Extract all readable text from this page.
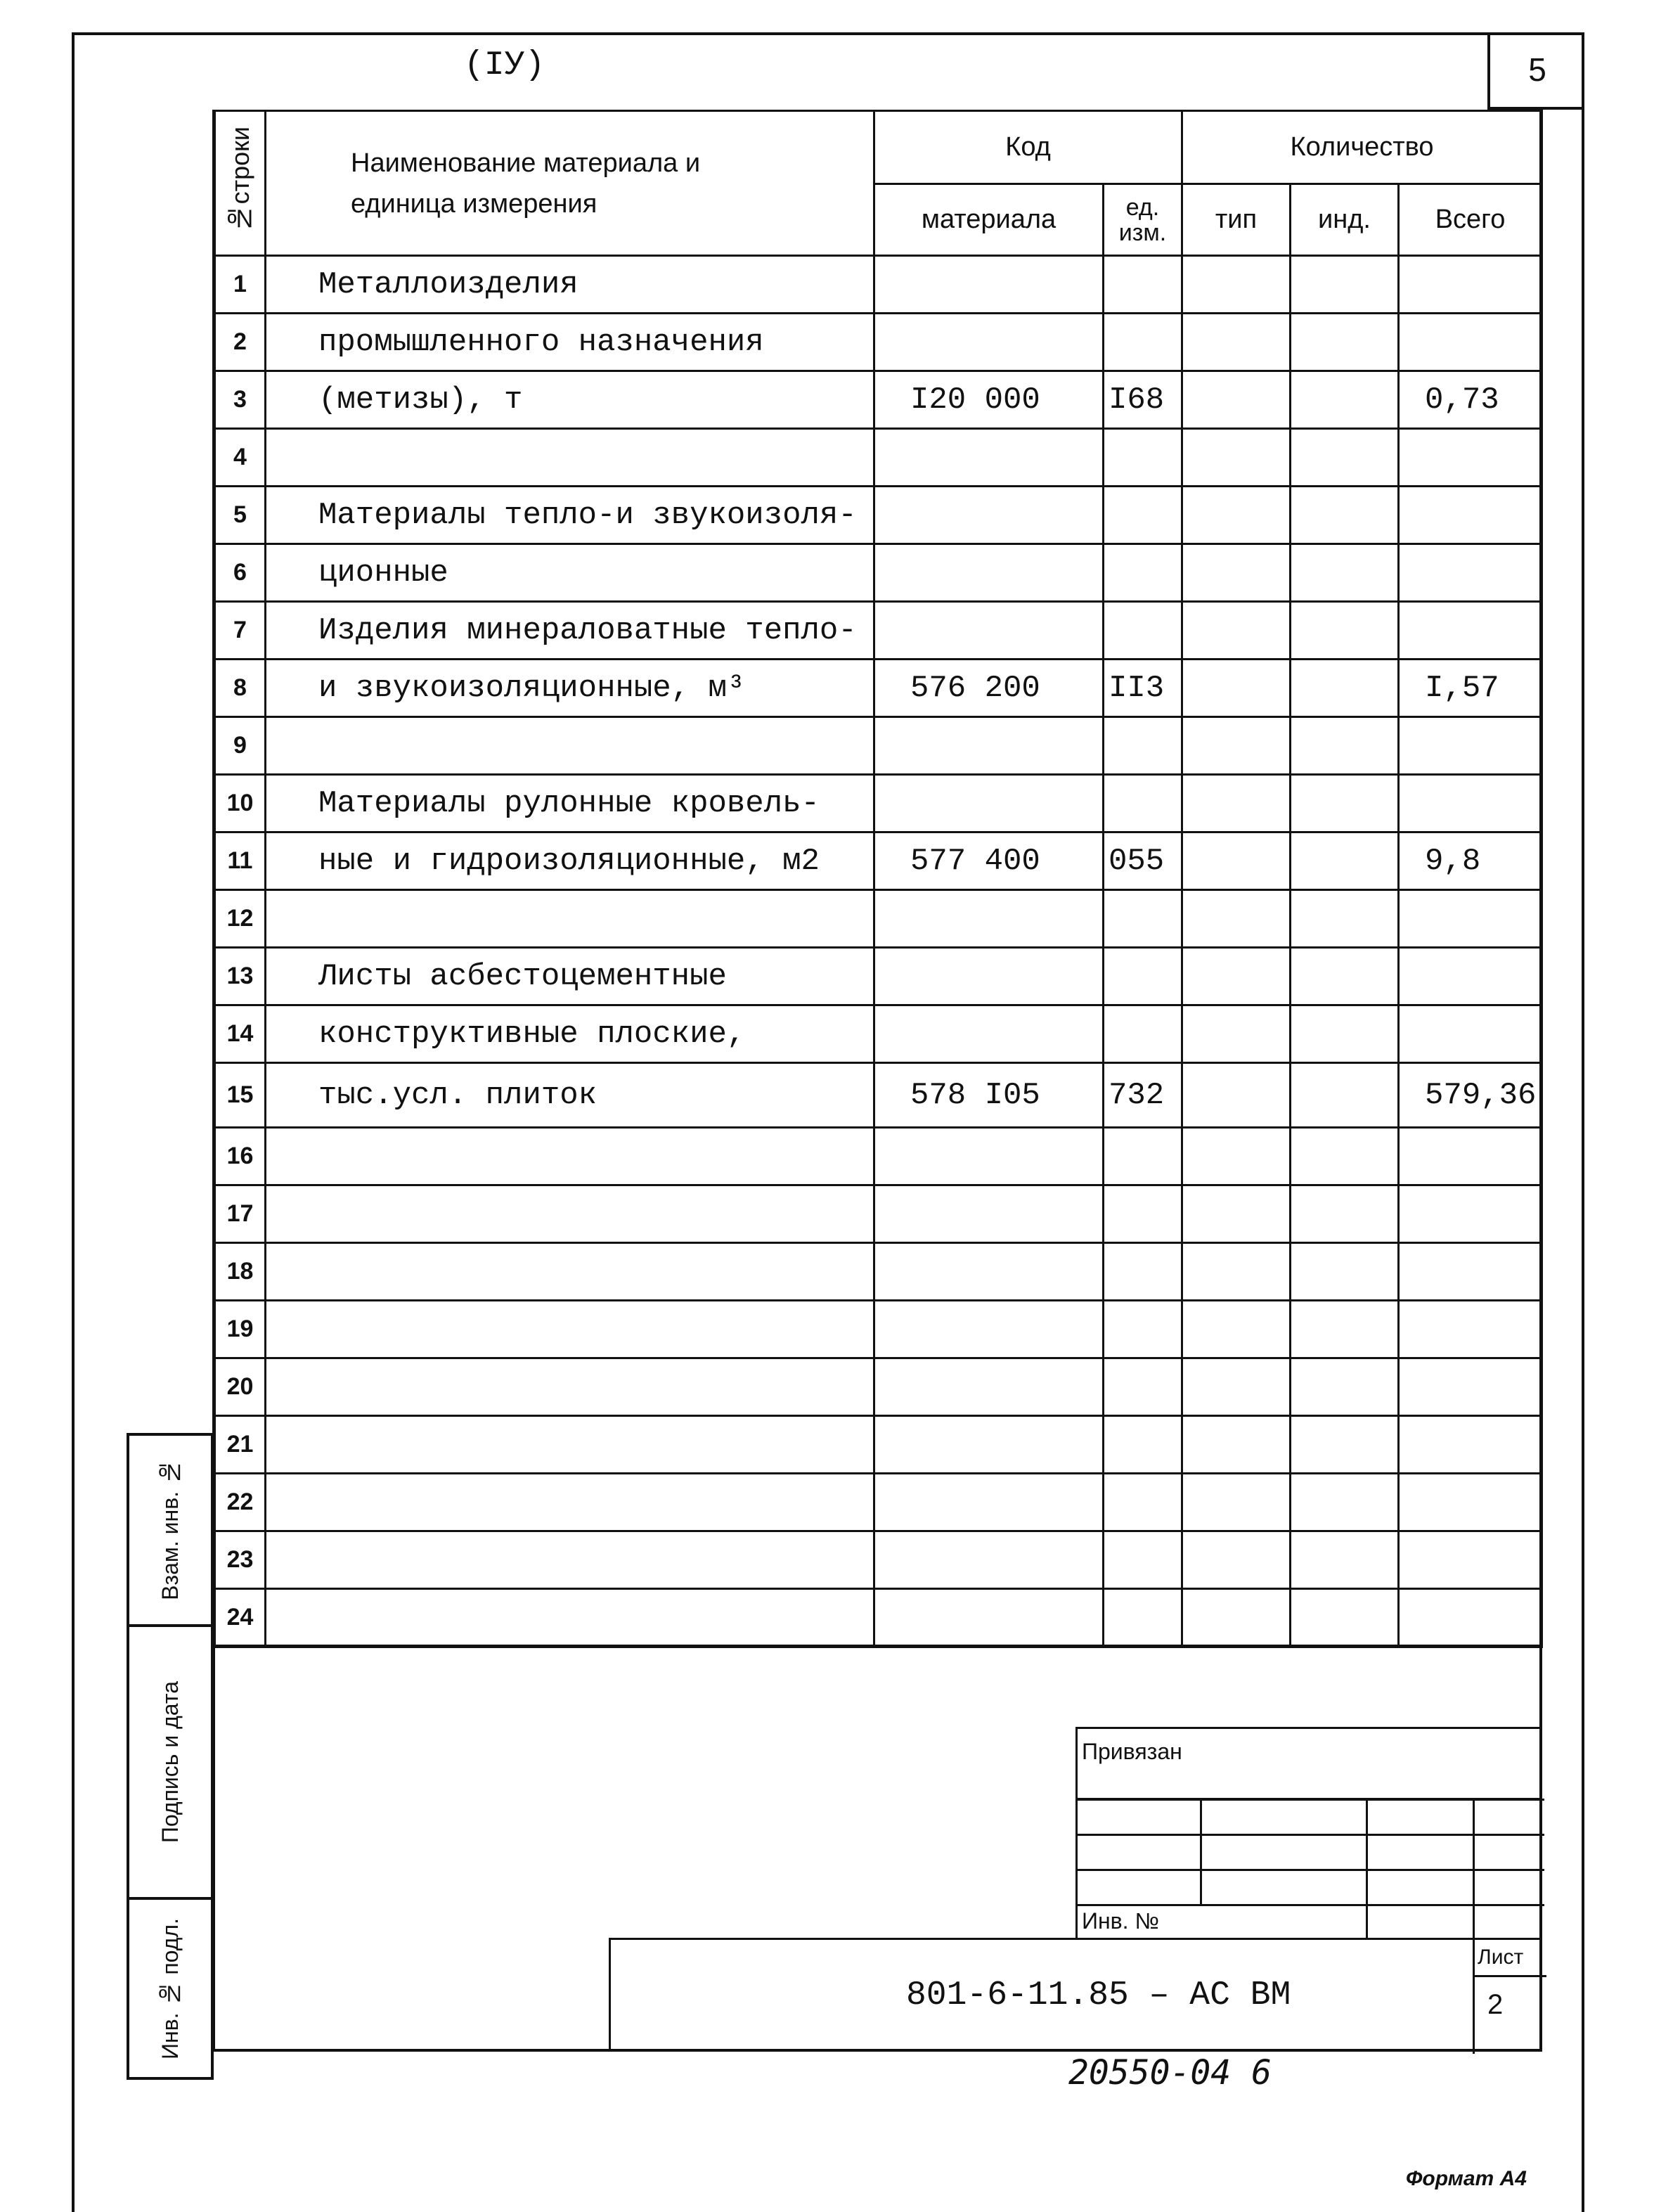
5
(IУ)
№строки	Наименование материала и единица измерения	Код		Количество		
		материала	ед. изм.	тип	инд.	Всего
1	Металлоизделия					
2	промышленного назначения					
3	(метизы), т	I20 000	I68			0,73
4						
5	Материалы тепло-и звукоизоля-					
6	ционные					
7	Изделия минераловатные тепло-					
8	и звукоизоляционные, м³	576 200	II3			I,57
9						
10	Материалы рулонные кровель-					
11	ные и гидроизоляционные, м2	577 400	055			9,8
12						
13	Листы асбестоцементные					
14	конструктивные плоские,					
15	тыс.усл. плиток	578 I05	732			579,36
16						
17						
18						
19						
20						
21						
22						
23						
24						
Взам. инв. №
Подпись и дата
Инв. № подл.
Привязан
Инв. №
801-6-11.85 – АС ВМ
Лист
2
20550-04 6
Формат А4
